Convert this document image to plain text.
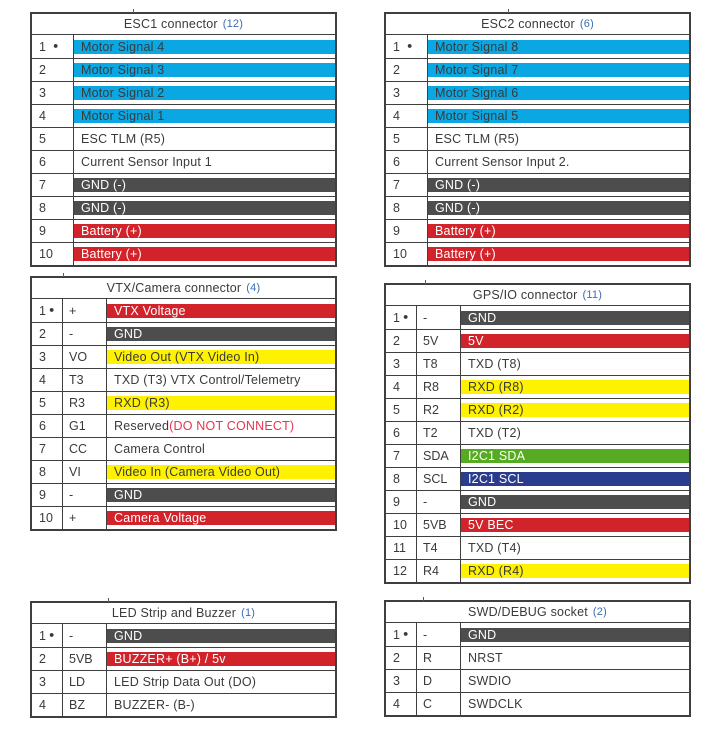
ESC1 connector (12)
1 ● Motor Signal 4
2	Motor Signal 3
3	Motor Signal 2
4	Motor Signal 1
5	ESC TLM (R5)
6	Current Sensor Input 1
7	GND (-)
8	GND (-)
9	Battery (+)
10 Battery (+)
ESC2 connector (6)
1 ● Motor Signal 8
2	Motor Signal 7
3	Motor Signal 6
4	Motor Signal 5
5	ESC TLM (R5)
6	Current Sensor Input 2.
7	GND (-)
8	GND (-)
9	Battery (+)
10 Battery (+)
VTX/Camera connector (4)
1 ●	+	VTX Voltage
2	-	GND
3	VO	Video Out (VTX Video In)
4	T3	TXD (T3) VTX Control/Telemetry
5	R3	RXD (R3)
6	G1	Reserved (DO NOT CONNECT)
7	CC	Camera Control
8	VI	Video In (Camera Video Out)
9	-	GND
10	+	Camera Voltage
GPS/IO connector (11)
1 ●	-	GND
2	5V	5V
3	T8	TXD (T8)
4	R8	RXD (R8)
5	R2	RXD (R2)
6	T2	TXD (T2)
7	SDA	I2C1 SDA
8	SCL	I2C1 SCL
9	-	GND
10	5VB	5V BEC
11	T4	TXD (T4)
12	R4	RXD (R4)
LED Strip and Buzzer (1)
1 ●	-	GND
2	5VB	BUZZER+ (B+) / 5v
3	LD	LED Strip Data Out (DO)
4	BZ	BUZZER- (B-)
SWD/DEBUG socket (2)
1 ●	-	GND
2	R	NRST
3	D	SWDIO
4	C	SWDCLK
